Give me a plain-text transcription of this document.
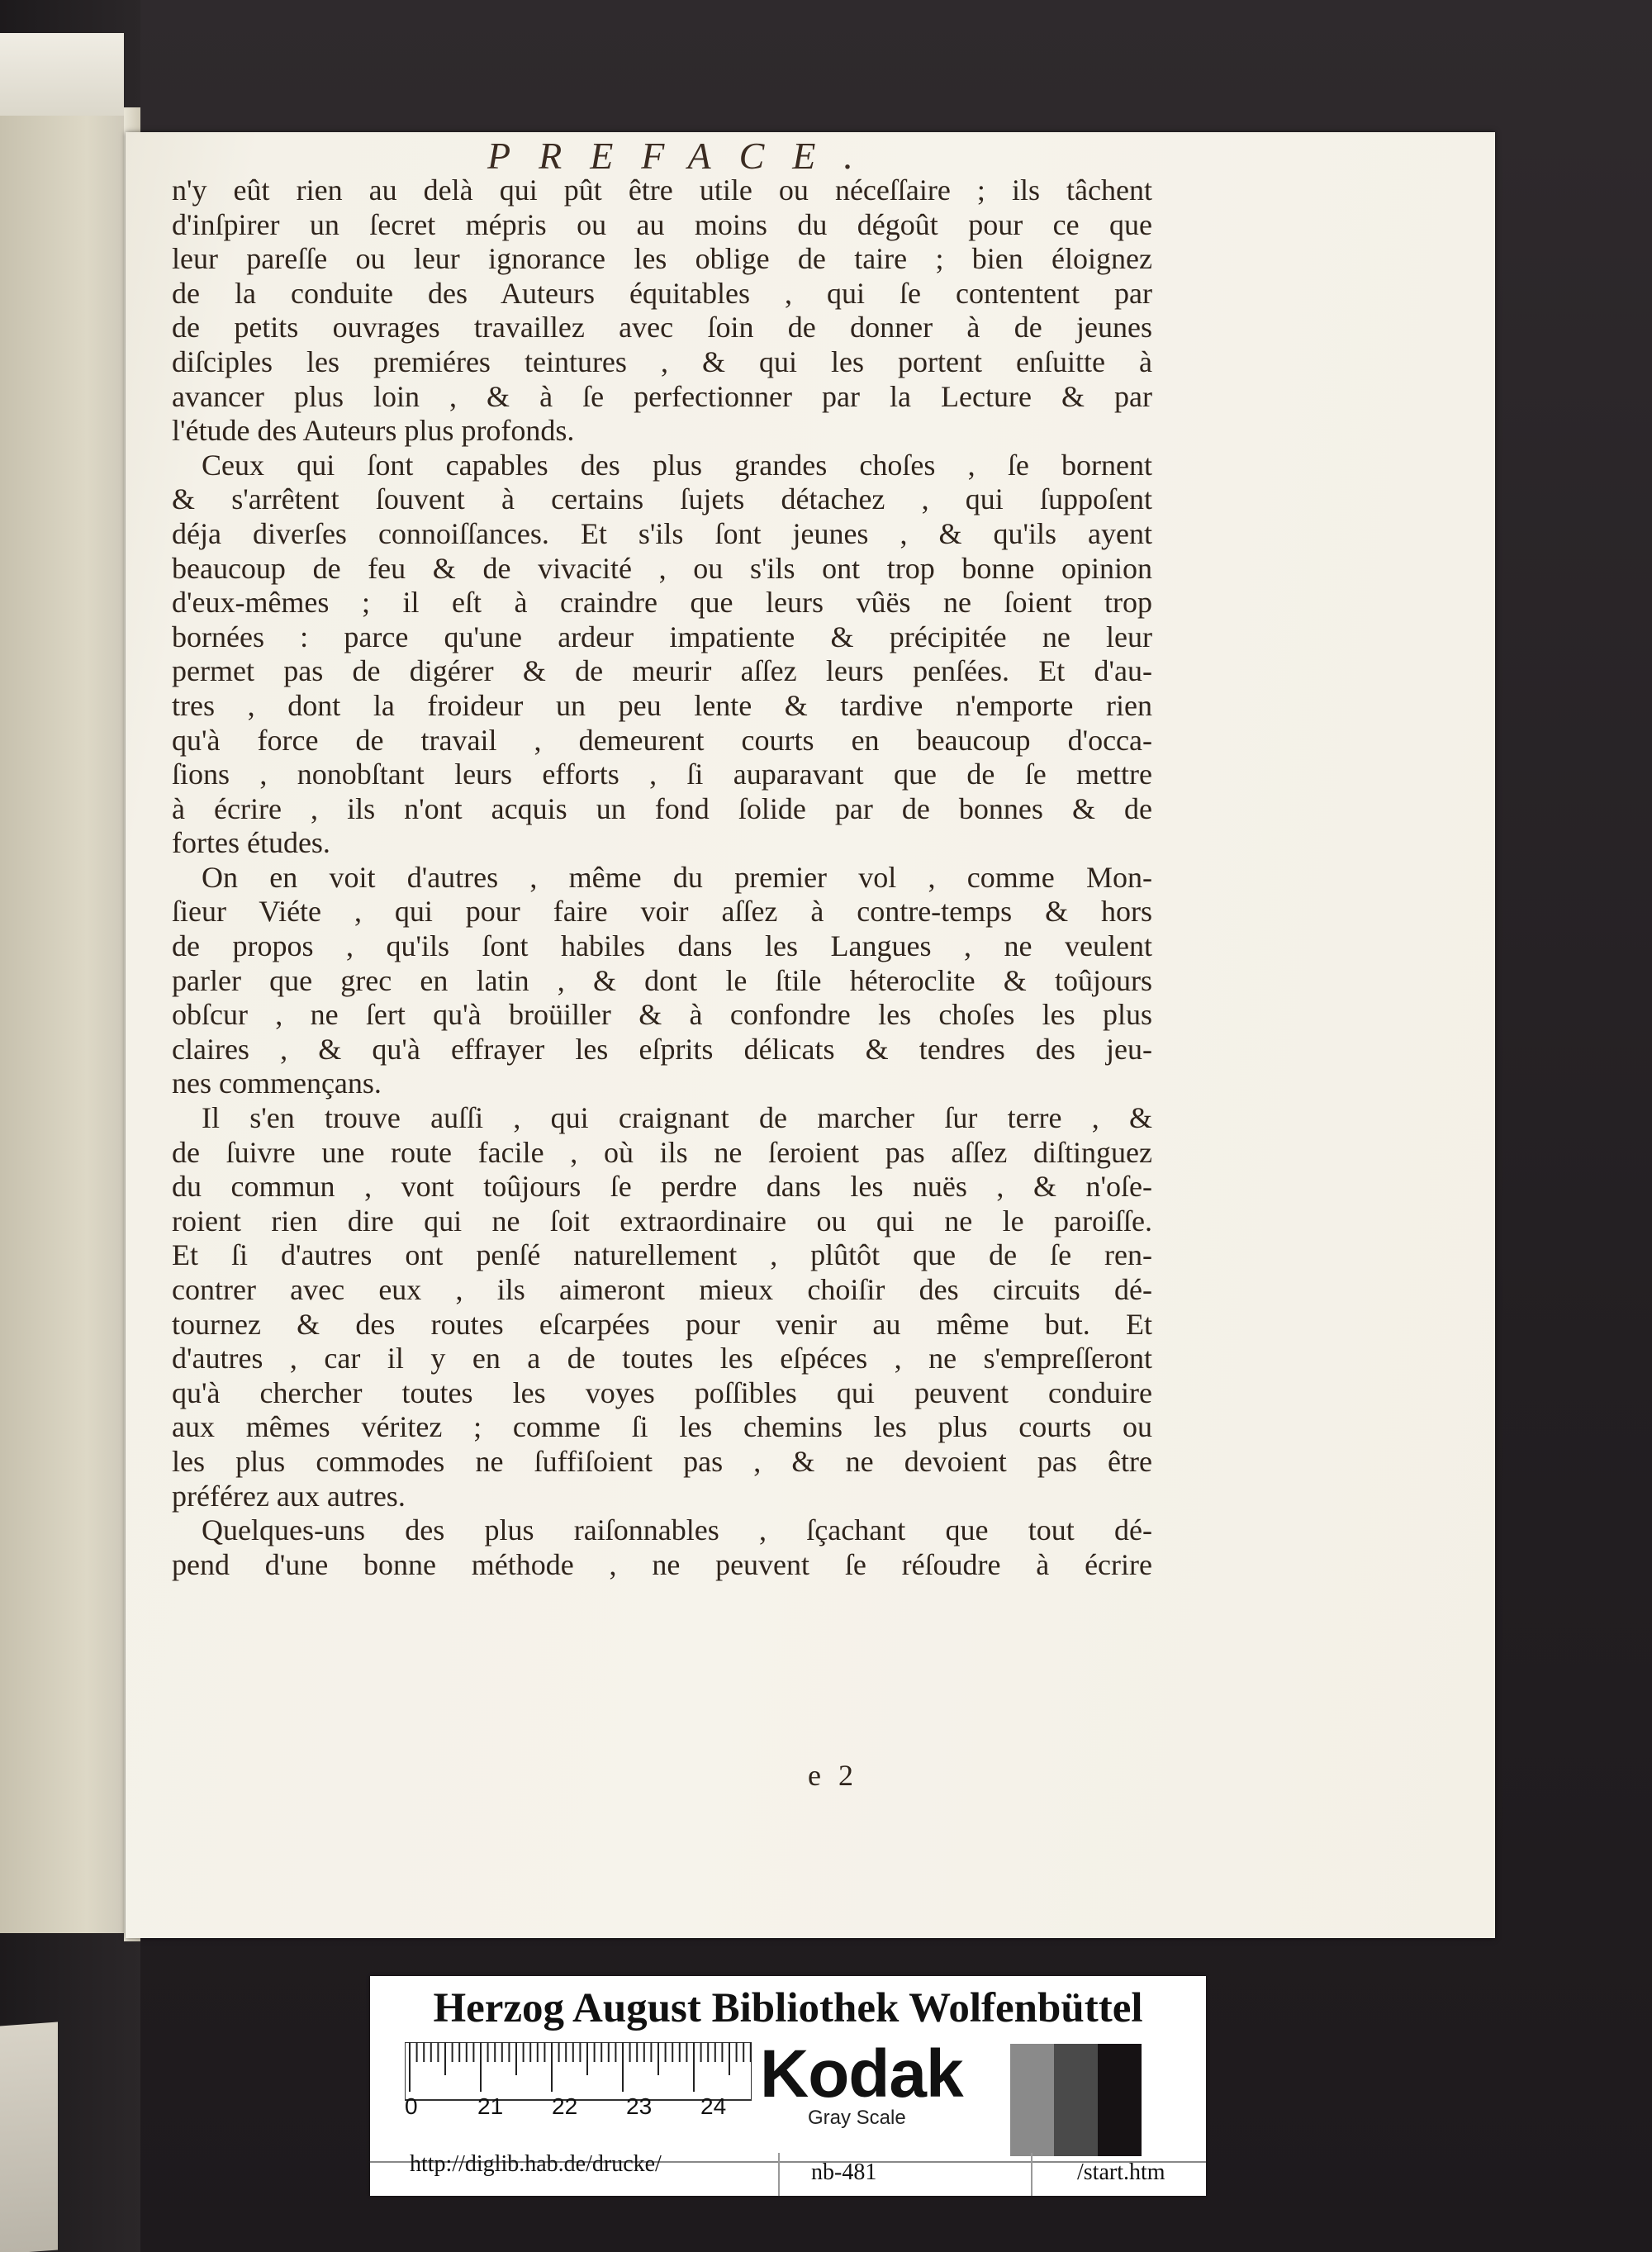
PREFACE.
n'y eût rien au delà qui pût être utile ou néceſſaire ; ils tâchent
d'inſpirer un ſecret mépris ou au moins du dégoût pour ce que
leur pareſſe ou leur ignorance les oblige de taire ; bien éloignez
de la conduite des Auteurs équitables , qui ſe contentent par
de petits ouvrages travaillez avec ſoin de donner à de jeunes
diſciples les premiéres teintures , & qui les portent enſuitte à
avancer plus loin , & à ſe perfectionner par la Lecture & par
l'étude des Auteurs plus profonds.
Ceux qui ſont capables des plus grandes choſes , ſe bornent
& s'arrêtent ſouvent à certains ſujets détachez , qui ſuppoſent
déja diverſes connoiſſances. Et s'ils ſont jeunes , & qu'ils ayent
beaucoup de feu & de vivacité , ou s'ils ont trop bonne opinion
d'eux-mêmes ; il eſt à craindre que leurs vûës ne ſoient trop
bornées : parce qu'une ardeur impatiente & précipitée ne leur
permet pas de digérer & de meurir aſſez leurs penſées. Et d'au-
tres , dont la froideur un peu lente & tardive n'emporte rien
qu'à force de travail , demeurent courts en beaucoup d'occa-
ſions , nonobſtant leurs efforts , ſi auparavant que de ſe mettre
à écrire , ils n'ont acquis un fond ſolide par de bonnes & de
fortes études.
On en voit d'autres , même du premier vol , comme Mon-
ſieur Viéte , qui pour faire voir aſſez à contre-temps & hors
de propos , qu'ils ſont habiles dans les Langues , ne veulent
parler que grec en latin , & dont le ſtile héteroclite & toûjours
obſcur , ne ſert qu'à broüiller & à confondre les choſes les plus
claires , & qu'à effrayer les eſprits délicats & tendres des jeu-
nes commençans.
Il s'en trouve auſſi , qui craignant de marcher ſur terre , &
de ſuivre une route facile , où ils ne ſeroient pas aſſez diſtinguez
du commun , vont toûjours ſe perdre dans les nuës , & n'oſe-
roient rien dire qui ne ſoit extraordinaire ou qui ne le paroiſſe.
Et ſi d'autres ont penſé naturellement , plûtôt que de ſe ren-
contrer avec eux , ils aimeront mieux choiſir des circuits dé-
tournez & des routes eſcarpées pour venir au même but. Et
d'autres , car il y en a de toutes les eſpéces , ne s'empreſſeront
qu'à chercher toutes les voyes poſſibles qui peuvent conduire
aux mêmes véritez ; comme ſi les chemins les plus courts ou
les plus commodes ne ſuffiſoient pas , & ne devoient pas être
préférez aux autres.
Quelques-uns des plus raiſonnables , ſçachant que tout dé-
pend d'une bonne méthode , ne peuvent ſe réſoudre à écrire
e 2
Herzog August Bibliothek Wolfenbüttel
0	21 22 23 24 Kodak
Gray Scale
http://diglib.hab.de/drucke/	nb-481	/start.htm
